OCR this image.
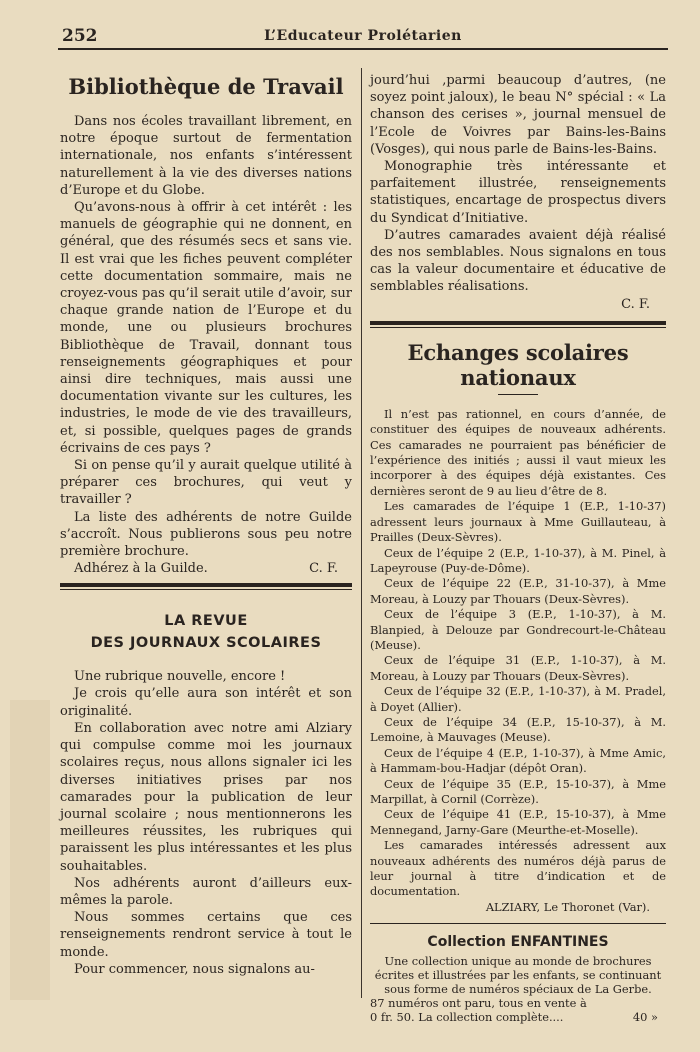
252	L’Educateur Prolétarien
Bibliothèque de Travail

Dans nos écoles travaillant librement, en notre époque surtout de fermentation internationale, nos enfants s’intéressent naturellement à la vie des diverses nations d’Europe et du Globe.

Qu’avons-nous à offrir à cet intérêt : les manuels de géographie qui ne donnent, en général, que des résumés secs et sans vie. Il est vrai que les fiches peuvent compléter cette documentation sommaire, mais ne croyez-vous pas qu’il serait utile d’avoir, sur chaque grande nation de l’Europe et du monde, une ou plusieurs brochures Bibliothèque de Travail, donnant tous renseignements géographiques et pour ainsi dire techniques, mais aussi une documentation vivante sur les cultures, les industries, le mode de vie des travailleurs, et, si possible, quelques pages de grands écrivains de ces pays ?

Si on pense qu’il y aurait quelque utilité à préparer ces brochures, qui veut y travailler ?

La liste des adhérents de notre Guilde s’accroît. Nous publierons sous peu notre première brochure.

Adhérez à la Guilde.	C. F.
LA REVUE
DES JOURNAUX SCOLAIRES

Une rubrique nouvelle, encore !

Je crois qu’elle aura son intérêt et son originalité.

En collaboration avec notre ami Alziary qui compulse comme moi les journaux scolaires reçus, nous allons signaler ici les diverses initiatives prises par nos camarades pour la publication de leur journal scolaire ; nous mentionnerons les meilleures réussites, les rubriques qui paraissent les plus intéressantes et les plus souhaitables.

Nos adhérents auront d’ailleurs eux-mêmes la parole.

Nous sommes certains que ces renseignements rendront service à tout le monde.

Pour commencer, nous signalons au-

jourd’hui ,parmi beaucoup d’autres, (ne soyez point jaloux), le beau N° spécial : « La chanson des cerises », journal mensuel de l’Ecole de Voivres par Bains-les-Bains (Vosges), qui nous parle de Bains-les-Bains.

Monographie très intéressante et parfaitement illustrée, renseignements statistiques, encartage de prospectus divers du Syndicat d’Initiative.

D’autres camarades avaient déjà réalisé des nos semblables. Nous signalons en tous cas la valeur documentaire et éducative de semblables réalisations.

C. F.
Echanges scolaires nationaux

Il n’est pas rationnel, en cours d’année, de constituer des équipes de nouveaux adhérents. Ces camarades ne pourraient pas bénéficier de l’expérience des initiés ; aussi il vaut mieux les incorporer à des équipes déjà existantes. Ces dernières seront de 9 au lieu d’être de 8.

Les camarades de l’équipe 1 (E.P., 1-10-37) adressent leurs journaux à Mme Guillauteau, à Prailles (Deux-Sèvres).

Ceux de l’équipe 2 (E.P., 1-10-37), à M. Pinel, à Lapeyrouse (Puy-de-Dôme).

Ceux de l’équipe 22 (E.P., 31-10-37), à Mme Moreau, à Louzy par Thouars (Deux-Sèvres).

Ceux de l’équipe 3 (E.P., 1-10-37), à M. Blanpied, à Delouze par Gondrecourt-le-Château (Meuse).

Ceux de l’équipe 31 (E.P., 1-10-37), à M. Moreau, à Louzy par Thouars (Deux-Sèvres).

Ceux de l’équipe 32 (E.P., 1-10-37), à M. Pradel, à Doyet (Allier).

Ceux de l’équipe 34 (E.P., 15-10-37), à M. Lemoine, à Mauvages (Meuse).

Ceux de l’équipe 4 (E.P., 1-10-37), à Mme Amic, à Hammam-bou-Hadjar (dépôt Oran).

Ceux de l’équipe 35 (E.P., 15-10-37), à Mme Marpillat, à Cornil (Corrèze).

Ceux de l’équipe 41 (E.P., 15-10-37), à Mme Mennegand, Jarny-Gare (Meurthe-et-Moselle).

Les camarades intéressés adressent aux nouveaux adhérents des numéros déjà parus de leur journal à titre d’indication et de documentation.

ALZIARY, Le Thoronet (Var).
Collection ENFANTINES

Une collection unique au monde de brochures écrites et illustrées par les enfants, se continuant sous forme de numéros spéciaux de La Gerbe.

87 numéros ont paru, tous en vente à

0 fr. 50. La collection complète....	40 »
